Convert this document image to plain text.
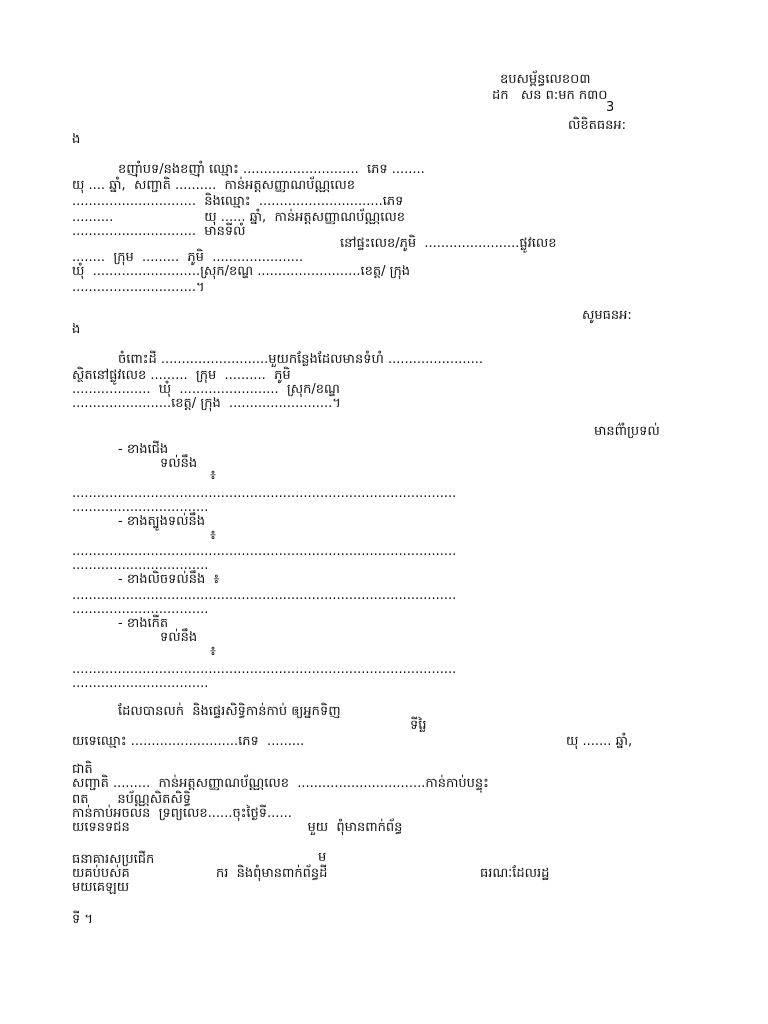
ឧបសម្ព័ន្ធលេខ០៣
ដក   សន ព:មក ក៣០
3
លិខិតធនអ:
ង
ខញ៉ាំបទ/នងខញ៉ាំ ឈ្មោះ ............................  ភេទ ........
យុ .... ឆ្នាំ,  សញ្ជាតិ ..........  កាន់អត្តសញ្ញាណប័ណ្ណលេខ
..............................  និងឈ្មោះ  ..............................ភេទ
..........                      យុ ...... ឆ្នាំ,  កាន់អត្តសញ្ញាណប័ណ្ណលេខ
..............................  មានទីលំ
នៅផ្ទះលេខ/ភូមិ  .......................ផ្លូវលេខ
........  ក្រុម  .........  ភូមិ  ......................
ឃុំ  ..........................ស្រុក/ខណ្ឌ .........................ខេត្ត/ ក្រុង
..............................។
សូមធនអ:
ង
ចំពោះដី ..........................មួយកន្លែងដែលមានទំហំ .......................
ស្ថិតនៅផ្លូវលេខ .........  ក្រុម  ..........  ភូមិ
...................  ឃុំ  ........................  ស្រុក/ខណ្ឌ
........................ខេត្ត/ ក្រុង  .........................។
មានព៌ាំប្រទល់
- ខាងជើង
ទល់នឹង
៖
.............................................................................................
.................................
- ខាងត្បូងទល់នឹង
៖
.............................................................................................
.................................
- ខាងលិចទល់នឹង  ៖
.............................................................................................
.................................
- ខាងកើត
ទល់នឹង
៖
.............................................................................................
.................................
ដែលបានលក់  និងផ្ទេរសិទ្ធិកាន់កាប់ ឲ្យអ្នកទិញ
ទីរ្លៃ
យទេឈ្មោះ ..........................ភេទ  .........	យុ ....... ឆ្នាំ,
ជាតិ
សញ្ជាតិ .........  កាន់អត្តសញ្ញាណប័ណ្ណលេខ  ...............................កាន់កាប់បន្ទុះ
ពត       នប័ណ្ណសិតសិទ្ធិ
កាន់កាប់អចលន  ទ្រព្យលេខ......ចុះថ្ងៃទី......
យទេនទជន                                           មួយ  ពុំមានពាក់ព័ន្ធ
ធនាគារសប្រជើក	ម
យគប់បស់គ	ករ  និងពុំមានពាក់ព័ន្ធដី	ធរណៈដែលរដ្ឋ
មយគេឡយ
ទី ។
